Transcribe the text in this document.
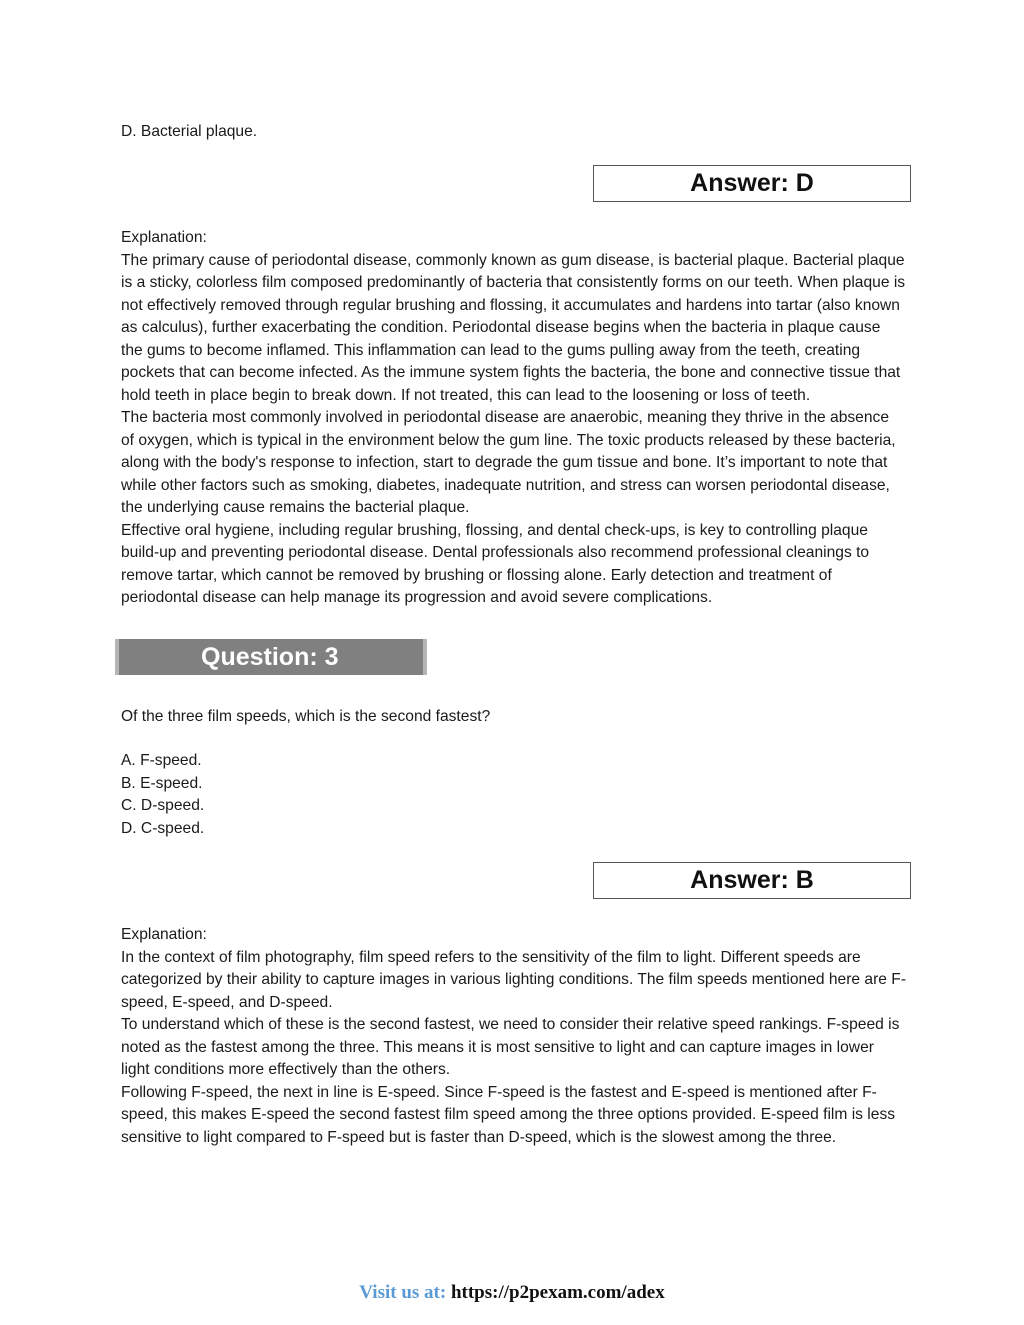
D. Bacterial plaque.
Answer: D

Explanation:

The primary cause of periodontal disease, commonly known as gum disease, is bacterial plaque. Bacterial plaque is a sticky, colorless film composed predominantly of bacteria that consistently forms on our teeth. When plaque is not effectively removed through regular brushing and flossing, it accumulates and hardens into tartar (also known as calculus), further exacerbating the condition. Periodontal disease begins when the bacteria in plaque cause the gums to become inflamed. This inflammation can lead to the gums pulling away from the teeth, creating pockets that can become infected. As the immune system fights the bacteria, the bone and connective tissue that hold teeth in place begin to break down. If not treated, this can lead to the loosening or loss of teeth.

The bacteria most commonly involved in periodontal disease are anaerobic, meaning they thrive in the absence of oxygen, which is typical in the environment below the gum line. The toxic products released by these bacteria, along with the body's response to infection, start to degrade the gum tissue and bone. It’s important to note that while other factors such as smoking, diabetes, inadequate nutrition, and stress can worsen periodontal disease, the underlying cause remains the bacterial plaque.

Effective oral hygiene, including regular brushing, flossing, and dental check-ups, is key to controlling plaque build-up and preventing periodontal disease. Dental professionals also recommend professional cleanings to remove tartar, which cannot be removed by brushing or flossing alone. Early detection and treatment of periodontal disease can help manage its progression and avoid severe complications.

Question: 3
Of the three film speeds, which is the second fastest?

A. F-speed.

B. E-speed.

C. D-speed.

D. C-speed.

Answer: B

Explanation:

In the context of film photography, film speed refers to the sensitivity of the film to light. Different speeds are categorized by their ability to capture images in various lighting conditions. The film speeds mentioned here are F-speed, E-speed, and D-speed.

To understand which of these is the second fastest, we need to consider their relative speed rankings. F-speed is noted as the fastest among the three. This means it is most sensitive to light and can capture images in lower light conditions more effectively than the others.

Following F-speed, the next in line is E-speed. Since F-speed is the fastest and E-speed is mentioned after F-speed, this makes E-speed the second fastest film speed among the three options provided. E-speed film is less sensitive to light compared to F-speed but is faster than D-speed, which is the slowest among the three.

Visit us at: https://p2pexam.com/adex
